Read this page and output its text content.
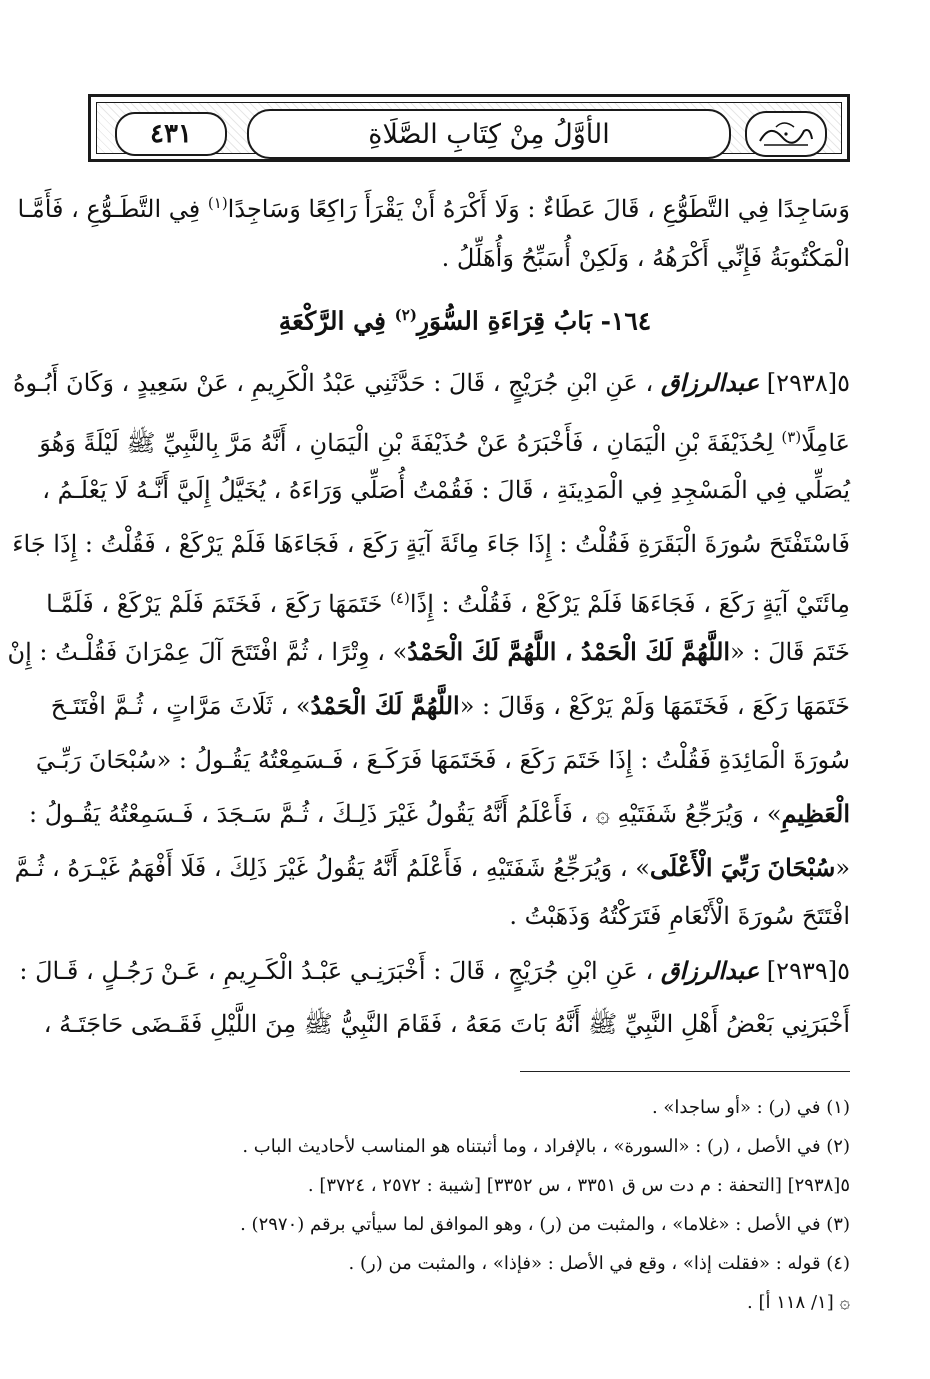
٤٣١	الأوَّلُ مِنْ كِتَابِ الصَّلَاةِ
وَسَاجِدًا فِي التَّطَوُّعِ ، قَالَ عَطَاءٌ : وَلَا أَكْرَهُ أَنْ يَقْرَأَ رَاكِعًا وَسَاجِدًا$^{(١)}$ فِي التَّطَـوُّعِ ، فَأَمَّـا
الْمَكْتُوبَةُ فَإِنِّي أَكْرَهُهُ ، وَلَكِنْ أُسَبِّحُ وَأُهَلِّلُ .
١٦٤- بَابُ قِرَاءَةِ السُّوَرِ$^{(٢)}$ فِي الرَّكْعَةِ
٥[٢٩٣٨] عبدالرزاق ، عَنِ ابْنِ جُرَيْجٍ ، قَالَ : حَدَّثَنِي عَبْدُ الْكَرِيمِ ، عَنْ سَعِيدٍ ، وَكَانَ أَبُـوهُ
عَامِلًا$^{(٣)}$ لِحُذَيْفَةَ بْنِ الْيَمَانِ ، فَأَخْبَرَهُ عَنْ حُذَيْفَةَ بْنِ الْيَمَانِ ، أَنَّهُ مَرَّ بِالنَّبِيِّ ﷺ لَيْلَةً وَهُوَ
يُصَلِّي فِي الْمَسْجِدِ فِي الْمَدِينَةِ ، قَالَ : فَقُمْتُ أُصَلِّي وَرَاءَهُ ، يُخَيَّلُ إِلَيَّ أَنَّـهُ لَا يَعْلَـمُ ،
فَاسْتَفْتَحَ سُورَةَ الْبَقَرَةِ فَقُلْتُ : إِذَا جَاءَ مِائَةَ آيَةٍ رَكَعَ ، فَجَاءَهَا فَلَمْ يَرْكَعْ ، فَقُلْتُ : إِذَا جَاءَ
مِائَتَيْ آيَةٍ رَكَعَ ، فَجَاءَهَا فَلَمْ يَرْكَعْ ، فَقُلْتُ : إِذًا$^{(٤)}$ خَتَمَهَا رَكَعَ ، فَخَتَمَ فَلَمْ يَرْكَعْ ، فَلَمَّـا
خَتَمَ قَالَ : «اللَّهُمَّ لَكَ الْحَمْدُ ، اللَّهُمَّ لَكَ الْحَمْدُ» ، وِتْرًا ، ثُمَّ افْتَتَحَ آلَ عِمْرَانَ فَقُلْـتُ : إِنْ
خَتَمَهَا رَكَعَ ، فَخَتَمَهَا وَلَمْ يَرْكَعْ ، وَقَالَ : «اللَّهُمَّ لَكَ الْحَمْدُ» ، ثَلَاثَ مَرَّاتٍ ، ثُـمَّ افْتَتَـحَ
سُورَةَ الْمَائِدَةِ فَقُلْتُ : إِذَا خَتَمَ رَكَعَ ، فَخَتَمَهَا فَرَكَـعَ ، فَـسَمِعْتُهُ يَقُـولُ : «سُبْحَانَ رَبِّـيَ
الْعَظِيمِ» ، وَيُرَجِّعُ شَفَتَيْهِ ۞ ، فَأَعْلَمُ أَنَّهُ يَقُولُ غَيْرَ ذَلِـكَ ، ثُـمَّ سَـجَدَ ، فَـسَمِعْتُهُ يَقُـولُ :
«سُبْحَانَ رَبِّيَ الْأَعْلَى» ، وَيُرَجِّعُ شَفَتَيْهِ ، فَأَعْلَمُ أَنَّهُ يَقُولُ غَيْرَ ذَلِكَ ، فَلَا أَفْهَمُ غَيْـرَهُ ، ثُـمَّ
افْتَتَحَ سُورَةَ الْأَنْعَامِ فَتَرَكْتُهُ وَذَهَبْتُ .
٥[٢٩٣٩] عبدالرزاق ، عَنِ ابْنِ جُرَيْجٍ ، قَالَ : أَخْبَرَنِـي عَبْـدُ الْكَـرِيمِ ، عَـنْ رَجُـلٍ ، قَـالَ :
أَخْبَرَنِي بَعْضُ أَهْلِ النَّبِيِّ ﷺ أَنَّهُ بَاتَ مَعَهُ ، فَقَامَ النَّبِيُّ ﷺ مِنَ اللَّيْلِ فَقَـضَى حَاجَتَـهُ ،
(١) في (ر) : «أو ساجدا» .
(٢) في الأصل ، (ر) : «السورة» ، بالإفراد ، وما أثبتناه هو المناسب لأحاديث الباب .
٥[٢٩٣٨] [التحفة : م دت س ق ٣٣٥١ ، س ٣٣٥٢] [شيبة : ٢٥٧٢ ، ٣٧٢٤] .
(٣) في الأصل : «غلاما» ، والمثبت من (ر) ، وهو الموافق لما سيأتي برقم (٢٩٧٠) .
(٤) قوله : «فقلت إذا» ، وقع في الأصل : «فإذا» ، والمثبت من (ر) .
۞ [١/ ١١٨ أ] .
